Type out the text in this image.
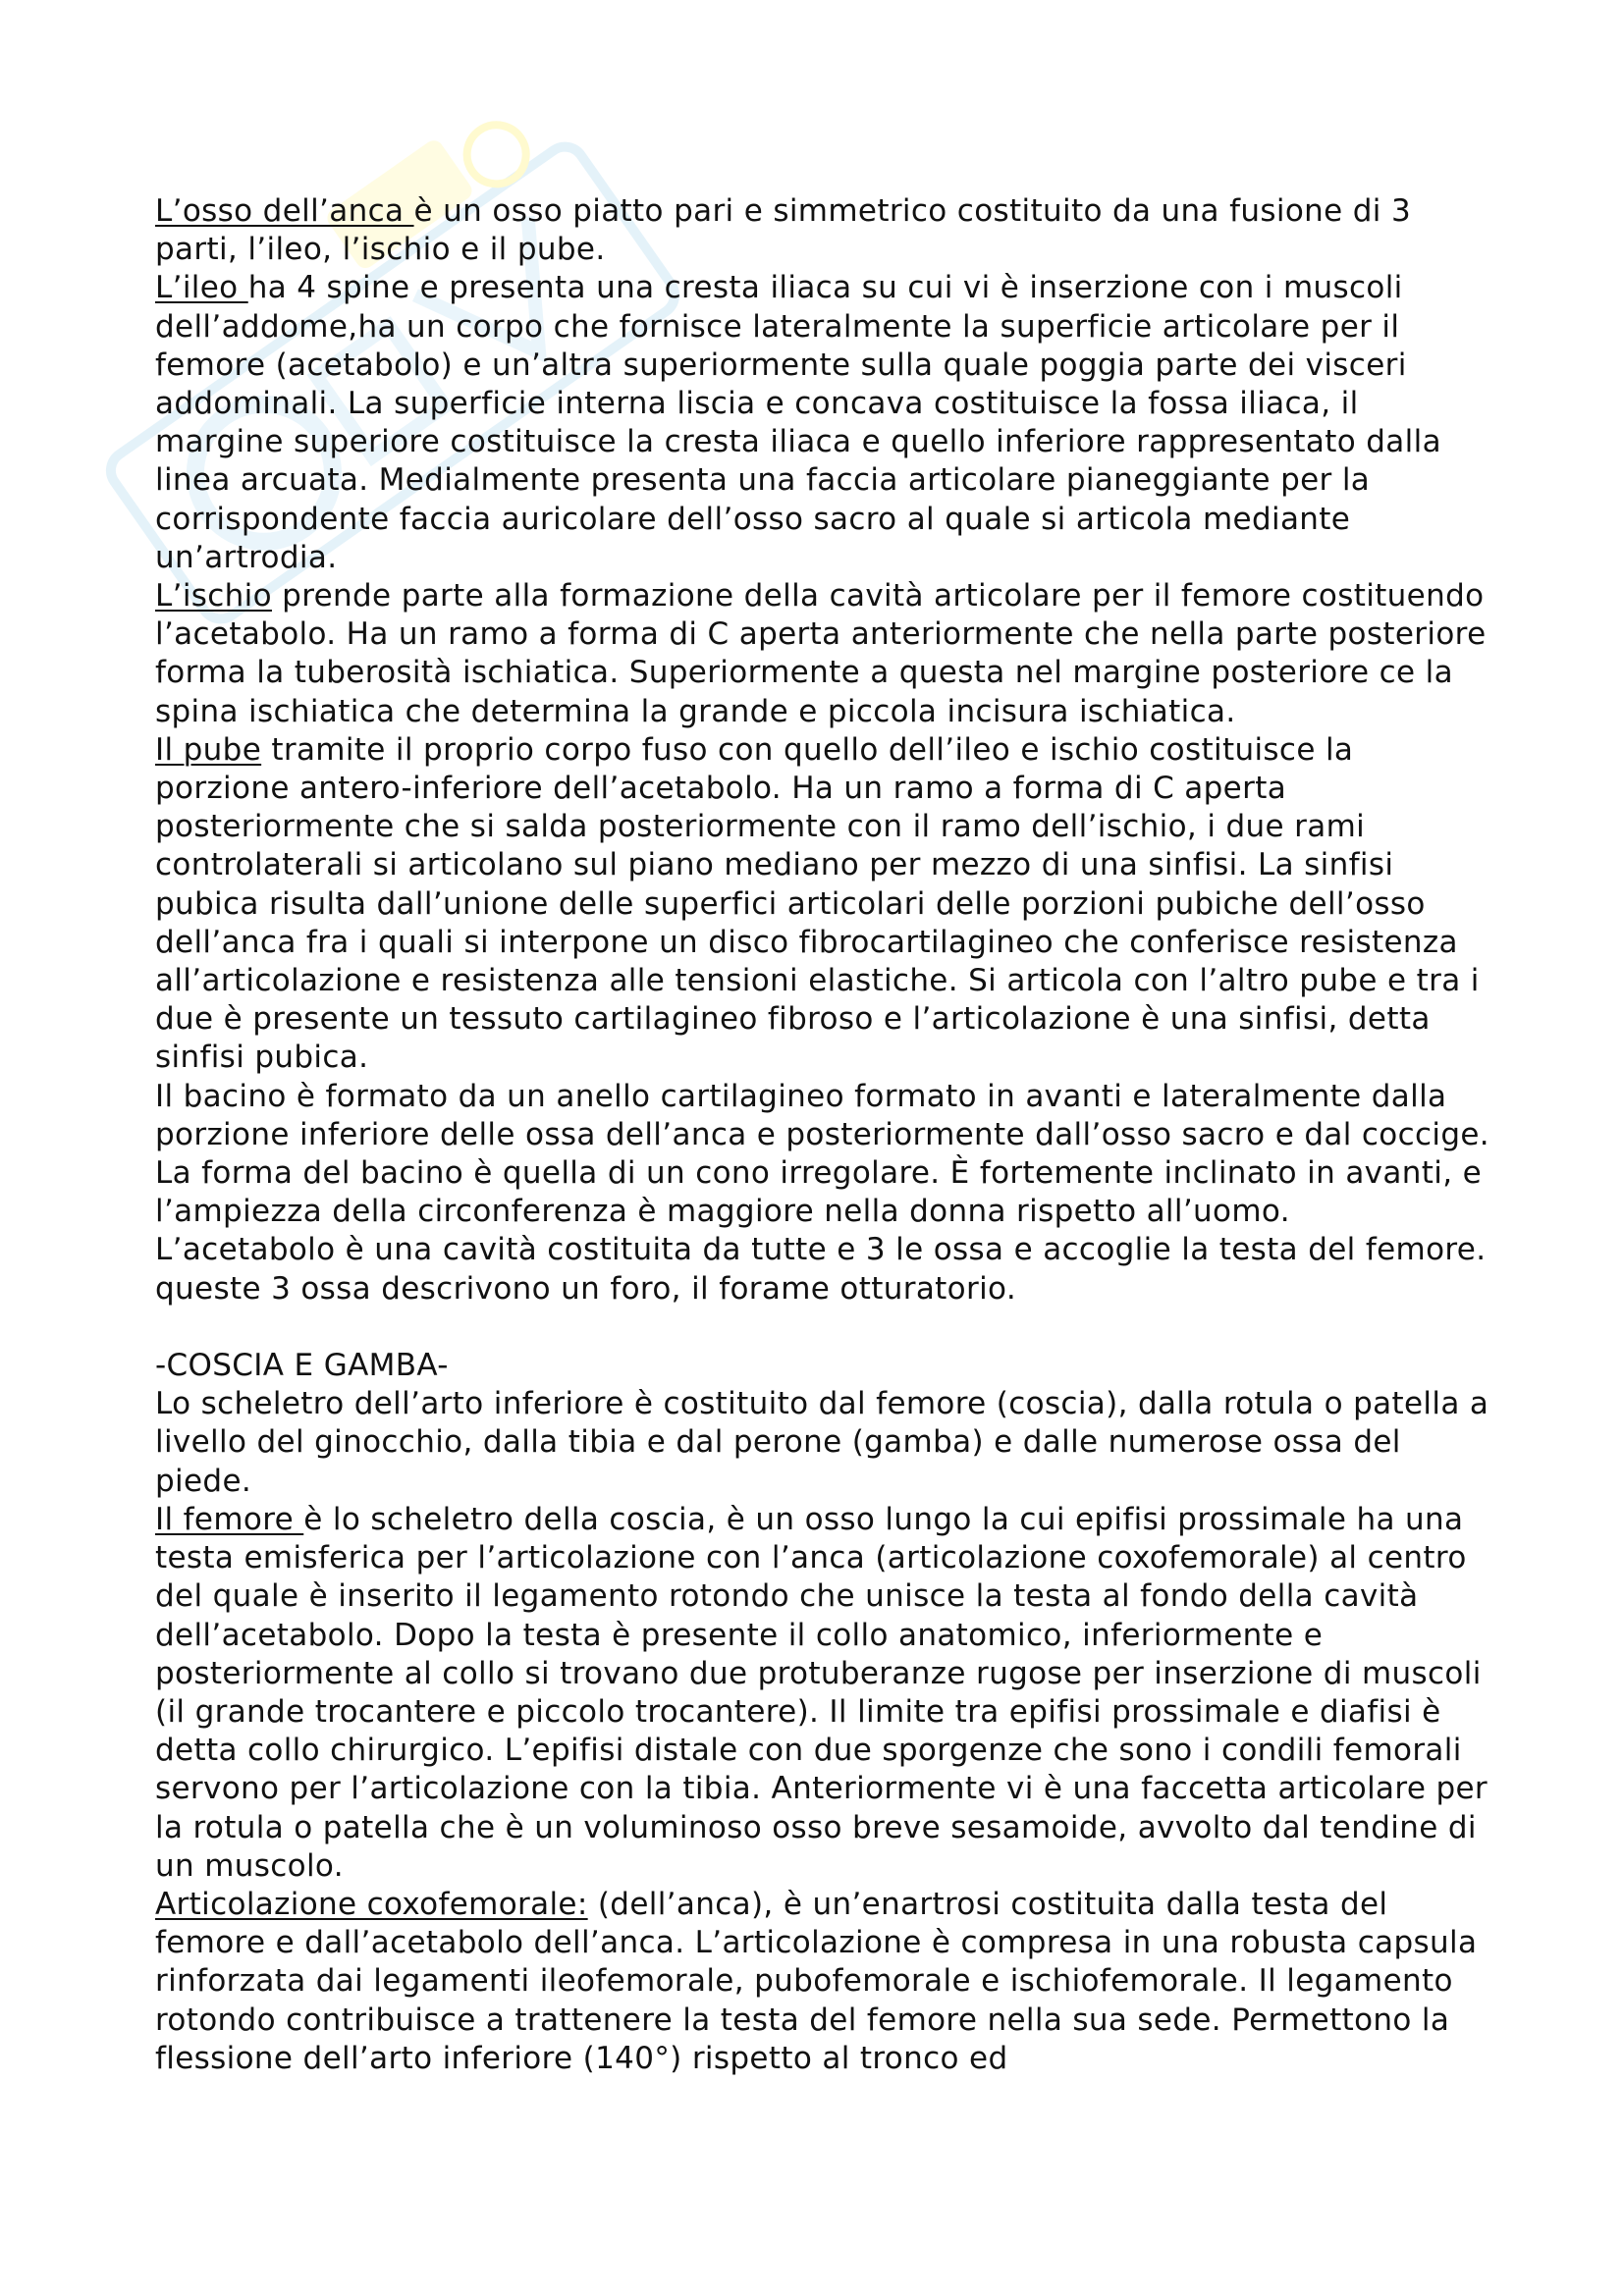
L’osso dell’anca è un osso piatto pari e simmetrico costituito da una fusione di 3 parti, l’ileo, l’ischio e il pube.

L’ileo ha 4 spine e presenta una cresta iliaca su cui vi è inserzione con i muscoli dell’addome,ha un corpo che fornisce lateralmente la superficie articolare per il femore (acetabolo) e un’altra superiormente sulla quale poggia parte dei visceri addominali. La superficie interna liscia e concava costituisce la fossa iliaca, il margine superiore costituisce la cresta iliaca e quello inferiore rappresentato dalla linea arcuata. Medialmente presenta una faccia articolare pianeggiante per la corrispondente faccia auricolare dell’osso sacro al quale si articola mediante un’artrodia.

L’ischio prende parte alla formazione della cavità articolare per il femore costituendo l’acetabolo. Ha un ramo a forma di C aperta anteriormente che nella parte posteriore forma la tuberosità ischiatica. Superiormente a questa nel margine posteriore ce la spina ischiatica che determina la grande e piccola incisura ischiatica.

Il pube tramite il proprio corpo fuso con quello dell’ileo e ischio costituisce la porzione antero-inferiore dell’acetabolo. Ha un ramo a forma di C aperta posteriormente che si salda posteriormente con il ramo dell’ischio, i due rami controlaterali si articolano sul piano mediano per mezzo di una sinfisi. La sinfisi pubica risulta dall’unione delle superfici articolari delle porzioni pubiche dell’osso dell’anca fra i quali si interpone un disco fibrocartilagineo che conferisce resistenza all’articolazione e resistenza alle tensioni elastiche. Si articola con l’altro pube e tra i due è presente un tessuto cartilagineo fibroso e l’articolazione è una sinfisi, detta sinfisi pubica.

Il bacino è formato da un anello cartilagineo formato in avanti e lateralmente dalla porzione inferiore delle ossa dell’anca e posteriormente dall’osso sacro e dal coccige. La forma del bacino è quella di un cono irregolare. È fortemente inclinato in avanti, e l’ampiezza della circonferenza è maggiore nella donna rispetto all’uomo.

L’acetabolo è una cavità costituita da tutte e 3 le ossa e accoglie la testa del femore. queste 3 ossa descrivono un foro, il forame otturatorio.

-COSCIA E GAMBA-

Lo scheletro dell’arto inferiore è costituito dal femore (coscia), dalla rotula o patella a livello del ginocchio, dalla tibia e dal perone (gamba) e dalle numerose ossa del piede.

Il femore è lo scheletro della coscia, è un osso lungo la cui epifisi prossimale ha una testa emisferica per l’articolazione con l’anca (articolazione coxofemorale) al centro del quale è inserito il legamento rotondo che unisce la testa al fondo della cavità dell’acetabolo. Dopo la testa è presente il collo anatomico, inferiormente e posteriormente al collo si trovano due protuberanze rugose per inserzione di muscoli (il grande trocantere e piccolo trocantere). Il limite tra epifisi prossimale e diafisi è detta collo chirurgico. L’epifisi distale con due sporgenze che sono i condili femorali servono per l’articolazione con la tibia. Anteriormente vi è una faccetta articolare per la rotula o patella che è un voluminoso osso breve sesamoide, avvolto dal tendine di un muscolo.

Articolazione coxofemorale: (dell’anca), è un’enartrosi costituita dalla testa del femore e dall’acetabolo dell’anca. L’articolazione è compresa in una robusta capsula rinforzata dai legamenti ileofemorale, pubofemorale e ischiofemorale. Il legamento rotondo contribuisce a trattenere la testa del femore nella sua sede. Permettono la flessione dell’arto inferiore (140°) rispetto al tronco ed
